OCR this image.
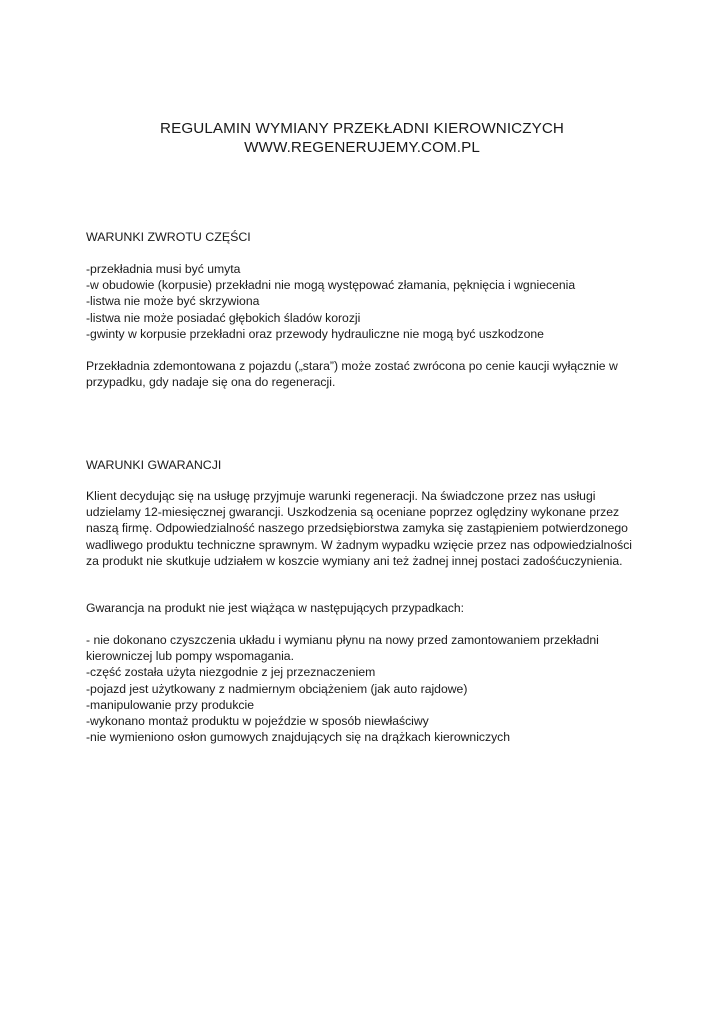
REGULAMIN WYMIANY PRZEKŁADNI KIEROWNICZYCH
WWW.REGENERUJEMY.COM.PL
WARUNKI ZWROTU CZĘŚCI
-przekładnia musi być umyta
-w obudowie (korpusie) przekładni nie mogą występować złamania, pęknięcia i wgniecenia
-listwa nie może być skrzywiona
-listwa nie może posiadać głębokich śladów korozji
-gwinty w korpusie przekładni oraz przewody hydrauliczne nie mogą być uszkodzone

Przekładnia zdemontowana z pojazdu („stara”) może zostać zwrócona po cenie kaucji wyłącznie w
przypadku, gdy nadaje się ona do regeneracji.

WARUNKI GWARANCJI

Klient decydując się na usługę przyjmuje warunki regeneracji. Na świadczone przez nas usługi
udzielamy 12-miesięcznej gwarancji. Uszkodzenia są oceniane poprzez oględziny wykonane przez
naszą firmę. Odpowiedzialność naszego przedsiębiorstwa zamyka się zastąpieniem potwierdzonego
wadliwego produktu techniczne sprawnym. W żadnym wypadku wzięcie przez nas odpowiedzialności
za produkt nie skutkuje udziałem w koszcie wymiany ani też żadnej innej postaci zadośćuczynienia.

Gwarancja na produkt nie jest wiążąca w następujących przypadkach:

- nie dokonano czyszczenia układu i wymianu płynu na nowy przed zamontowaniem przekładni
kierowniczej lub pompy wspomagania.
-część została użyta niezgodnie z jej przeznaczeniem
-pojazd jest użytkowany z nadmiernym obciążeniem (jak auto rajdowe)
-manipulowanie przy produkcie
-wykonano montaż produktu w pojeździe w sposób niewłaściwy
-nie wymieniono osłon gumowych znajdujących się na drążkach kierowniczych
